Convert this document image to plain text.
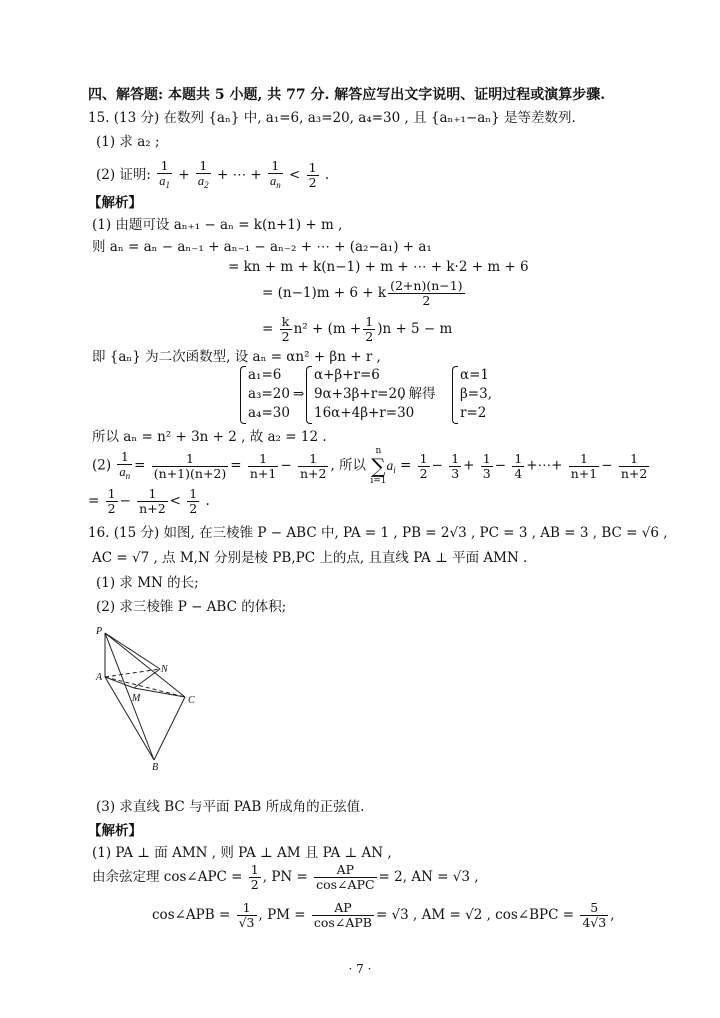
四、解答题: 本题共 5 小题, 共 77 分. 解答应写出文字说明、证明过程或演算步骤.
15. (13 分) 在数列 {aₙ} 中, a₁=6, a₃=20, a₄=30 , 且 {aₙ₊₁−aₙ} 是等差数列.
(1) 求 a₂ ;
(2) 证明: $\frac{1}{a_1} + \frac{1}{a_2}$ + ⋯ + $\frac{1}{a_n} < \frac{1}{2}$ .
【解析】
(1) 由题可设 aₙ₊₁ − aₙ = k(n+1) + m ,
则 aₙ = aₙ − aₙ₋₁ + aₙ₋₁ − aₙ₋₂ + ⋯ + (a₂−a₁) + a₁
= kn + m + k(n−1) + m + ⋯ + k·2 + m + 6
= (n−1)m + 6 + k $\frac{(2+n)(n-1)}{2}$
= $\frac{k}{2} n^2 + (m + \frac{1}{2} )n + 5 - m$
即 {aₙ} 为二次函数型, 设 aₙ = αn² + βn + r ,
a₁=6
a₃=20
a₄=30
⇒
α+β+r=6
9α+3β+r=20
16α+4β+r=30
, 解得
α=1
β=3,
r=2
所以 aₙ = n² + 3n + 2 , 故 a₂ = 12 .
$(2) \frac{1}{a_n} = \frac{1}{(n+1)(n+2)} = \frac{1}{n+1} - \frac{1}{n+2}$ , 所以 n
∑
$i=1a_i = \frac{1}{2} - \frac{1}{3} + \frac{1}{3} - \frac{1}{4}$ +⋯+ $\frac{1}{n+1} - \frac{1}{n+2}$
= $\frac{1}{2} - \frac{1}{n+2} < \frac{1}{2}$ .
16. (15 分) 如图, 在三棱锥 P − ABC 中, PA = 1 , PB = 2√3 , PC = 3 , AB = 3 , BC = √6 ,
AC = √7 , 点 M,N 分别是棱 PB,PC 上的点, 且直线 PA ⊥ 平面 AMN .
(1) 求 MN 的长;
(2) 求三棱锥 P − ABC 的体积;
P
N
A
M	C
B
(3) 求直线 BC 与平面 PAB 所成角的正弦值.
【解析】
(1) PA ⊥ 面 AMN , 则 PA ⊥ AM 且 PA ⊥ AN ,
由余弦定理 cos∠APC = $\frac{1}{2}$ , PN = $\frac{AP}{\text{cos∠APC}} = 2$, AN = √3 ,
cos∠APB = $\frac{1}{√3}$ , PM = $\frac{AP}{\text{cos∠APB}} = √3$ , AM = √2 , cos∠BPC = $\frac{5}{4√3}$ ,
· 7 ·
